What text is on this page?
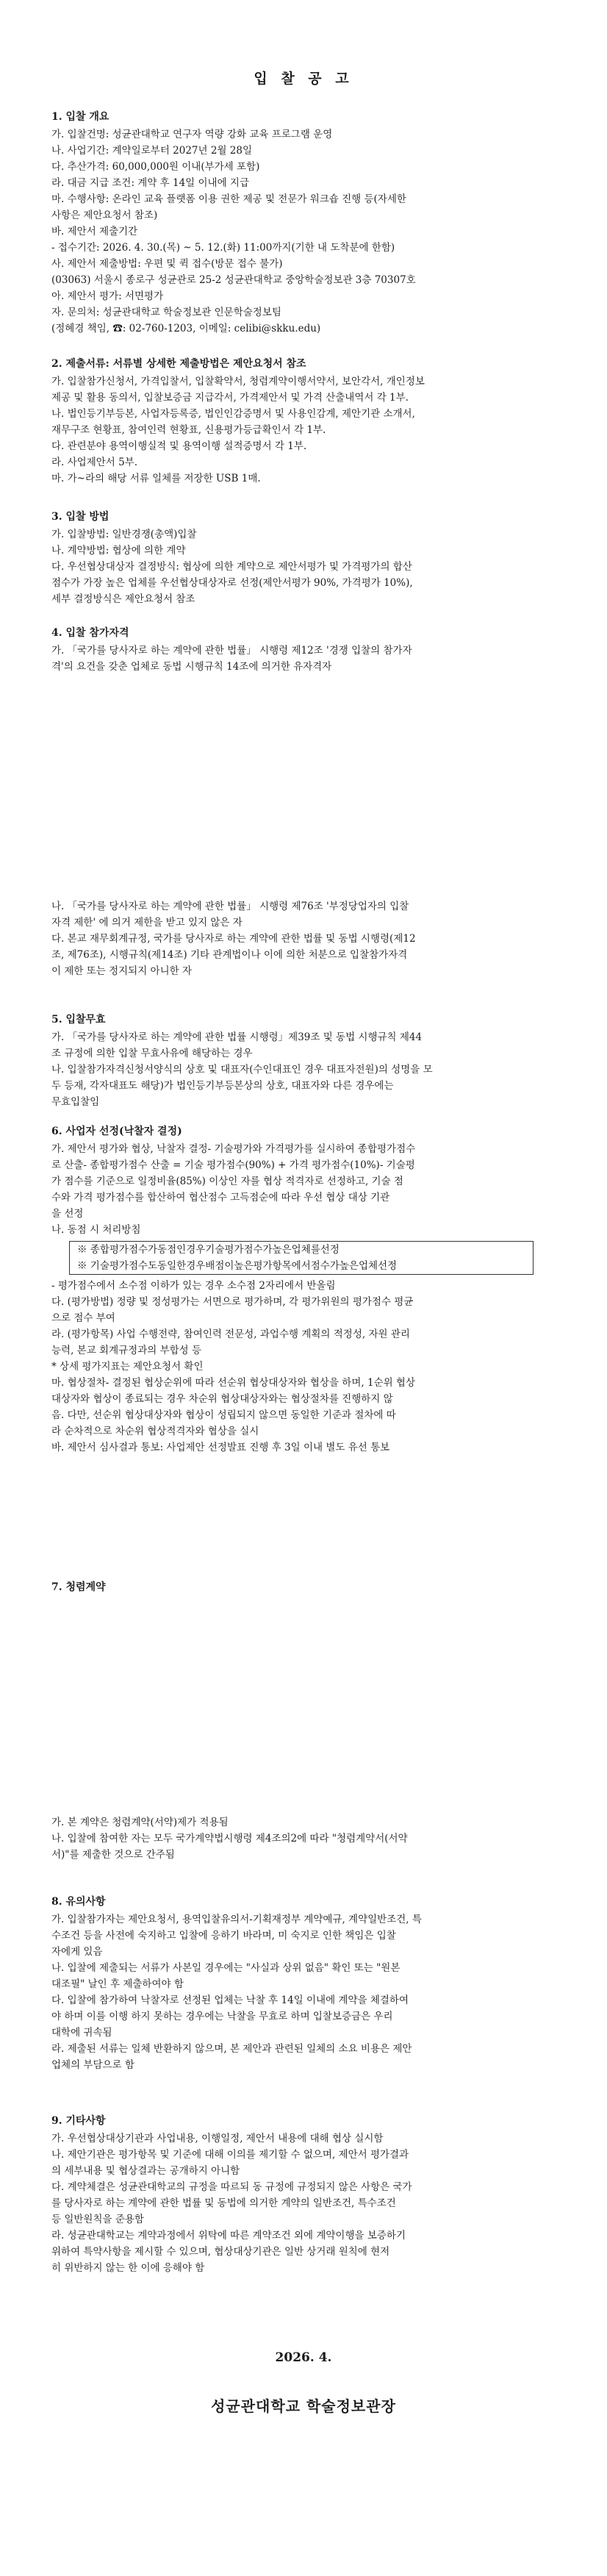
입 찰 공 고
1. 입찰 개요
가. 입찰건명: 성균관대학교 연구자 역량 강화 교육 프로그램 운영
나. 사업기간: 계약일로부터 2027년 2월 28일
다. 추산가격: 60,000,000원 이내(부가세 포함)
라. 대금 지급 조건: 계약 후 14일 이내에 지급
마. 수행사항: 온라인 교육 플랫폼 이용 권한 제공 및 전문가 워크숍 진행 등(자세한
사항은 제안요청서 참조)
바. 제안서 제출기간
- 접수기간: 2026. 4. 30.(목) ~ 5. 12.(화) 11:00까지(기한 내 도착분에 한함)
사. 제안서 제출방법: 우편 및 퀵 접수(방문 접수 불가)
(03063) 서울시 종로구 성균관로 25-2 성균관대학교 중앙학술정보관 3층 70307호
아. 제안서 평가: 서면평가
자. 문의처: 성균관대학교 학술정보관 인문학술정보팀
(정혜경 책임, ☎: 02-760-1203, 이메일: celibi@skku.edu)
2. 제출서류: 서류별 상세한 제출방법은 제안요청서 참조
가. 입찰참가신청서, 가격입찰서, 입찰확약서, 청렴계약이행서약서, 보안각서, 개인정보
제공 및 활용 동의서, 입찰보증금 지급각서, 가격제안서 및 가격 산출내역서 각 1부.
나. 법인등기부등본, 사업자등록증, 법인인감증명서 및 사용인감계, 제안기관 소개서,
재무구조 현황표, 참여인력 현황표, 신용평가등급확인서 각 1부.
다. 관련분야 용역이행실적 및 용역이행 설적증명서 각 1부.
라. 사업제안서 5부.
마. 가~라의 해당 서류 일체를 저장한 USB 1매.
3. 입찰 방법
가. 입찰방법: 일반경쟁(총액)입찰
나. 계약방법: 협상에 의한 계약
다. 우선협상대상자 결정방식: 협상에 의한 계약으로 제안서평가 및 가격평가의 합산
점수가 가장 높은 업체를 우선협상대상자로 선정(제안서평가 90%, 가격평가 10%),
세부 결정방식은 제안요청서 참조
4. 입찰 참가자격
가. 「국가를 당사자로 하는 계약에 관한 법률」 시행령 제12조 '경쟁 입찰의 참가자
격'의 요건을 갖춘 업체로 동법 시행규칙 14조에 의거한 유자격자
나. 「국가를 당사자로 하는 계약에 관한 법률」 시행령 제76조 '부정당업자의 입찰
자격 제한' 에 의거 제한을 받고 있지 않은 자
다. 본교 재무회계규정, 국가를 당사자로 하는 계약에 관한 법률 및 동법 시행령(제12
조, 제76조), 시행규칙(제14조) 기타 관계법이나 이에 의한 처분으로 입찰참가자격
이 제한 또는 정지되지 아니한 자
5. 입찰무효
가. 「국가를 당사자로 하는 계약에 관한 법률 시행령」제39조 및 동법 시행규칙 제44
조 규정에 의한 입찰 무효사유에 해당하는 경우
나. 입찰참가자격신청서양식의 상호 및 대표자(수인대표인 경우 대표자전원)의 성명을 모
두 등재, 각자대표도 해당)가 법인등기부등본상의 상호, 대표자와 다른 경우에는
무효입찰임
6. 사업자 선정(낙찰자 결정)
가. 제안서 평가와 협상, 낙찰자 결정- 기술평가와 가격평가를 실시하여 종합평가점수
로 산출- 종합평가점수 산출 = 기술 평가점수(90%) + 가격 평가점수(10%)- 기술평
가 점수를 기준으로 일정비율(85%) 이상인 자를 협상 적격자로 선정하고, 기술 점
수와 가격 평가점수를 합산하여 협산점수 고득점순에 따라 우선 협상 대상 기관
을 선정
나. 동점 시 처리방침
※ 종합평가점수가동점인경우기술평가점수가높은업체를선정
※ 기술평가점수도동일한경우배점이높은평가항목에서점수가높은업체선정
- 평가점수에서 소수점 이하가 있는 경우 소수점 2자리에서 반올림
다. (평가방법) 정량 및 정성평가는 서면으로 평가하며, 각 평가위원의 평가점수 평균
으로 점수 부여
라. (평가항목) 사업 수행전략, 참여인력 전문성, 과업수행 계획의 적정성, 자원 관리
능력, 본교 회계규정과의 부합성 등
* 상세 평가지표는 제안요청서 확인
마. 협상절차- 결정된 협상순위에 따라 선순위 협상대상자와 협상을 하며, 1순위 협상
대상자와 협상이 종료되는 경우 차순위 협상대상자와는 협상절차를 진행하지 않
음. 다만, 선순위 협상대상자와 협상이 성립되지 않으면 동일한 기준과 절차에 따
라 순차적으로 차순위 협상적격자와 협상을 실시
바. 제안서 심사결과 통보: 사업제안 선정발표 진행 후 3일 이내 별도 유선 통보
7. 청렴계약
가. 본 계약은 청렴계약(서약)제가 적용됨
나. 입찰에 참여한 자는 모두 국가계약법시행령 제4조의2에 따라 "청렴계약서(서약
서)"를 제출한 것으로 간주됨
8. 유의사항
가. 입찰참가자는 제안요청서, 용역입찰유의서-기획재정부 계약예규, 계약일반조건, 특
수조건 등을 사전에 숙지하고 입찰에 응하기 바라며, 미 숙지로 인한 책임은 입찰
자에게 있음
나. 입찰에 제출되는 서류가 사본일 경우에는 "사실과 상위 없음" 확인 또는 "원본
대조필" 날인 후 제출하여야 함
다. 입찰에 참가하여 낙찰자로 선정된 업체는 낙찰 후 14일 이내에 계약을 체결하여
야 하며 이를 이행 하지 못하는 경우에는 낙찰을 무효로 하며 입찰보증금은 우리
대학에 귀속됨
라. 제출된 서류는 일체 반환하지 않으며, 본 제안과 관련된 일체의 소요 비용은 제안
업체의 부담으로 함
9. 기타사항
가. 우선협상대상기관과 사업내용, 이행일정, 제안서 내용에 대해 협상 실시함
나. 제안기관은 평가항목 및 기준에 대해 이의를 제기할 수 없으며, 제안서 평가결과
의 세부내용 및 협상결과는 공개하지 아니함
다. 계약체결은 성균관대학교의 규정을 따르되 동 규정에 규정되지 않은 사항은 국가
를 당사자로 하는 계약에 관한 법률 및 동법에 의거한 계약의 일반조건, 특수조건
등 일반원칙을 준용함
라. 성균관대학교는 계약과정에서 위탁에 따른 계약조건 외에 계약이행을 보증하기
위하여 특약사항을 제시할 수 있으며, 협상대상기관은 일반 상거래 원칙에 현저
히 위반하지 않는 한 이에 응해야 함
2026. 4.
성균관대학교 학술정보관장
